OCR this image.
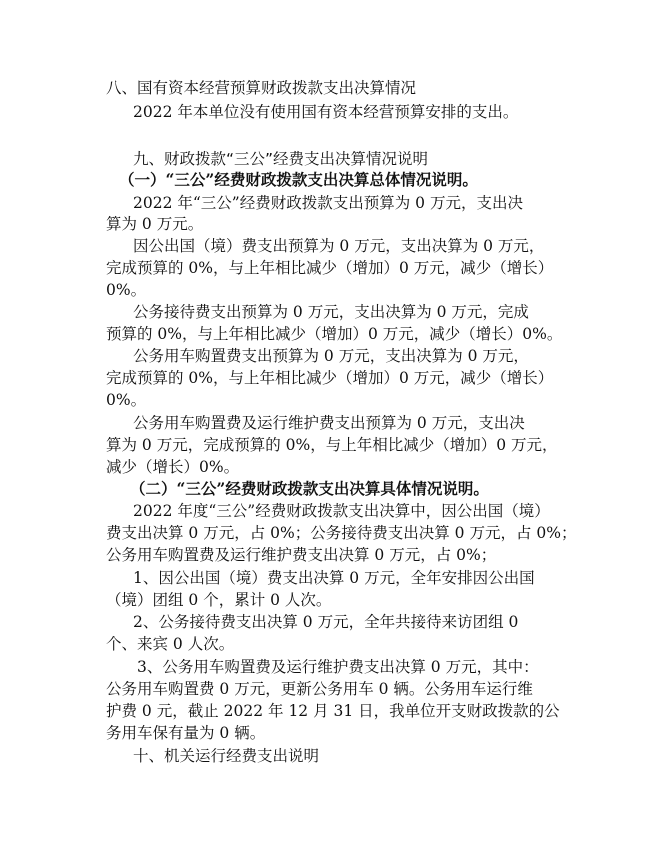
八、国有资本经营预算财政拨款支出决算情况
2022 年本单位没有使用国有资本经营预算安排的支出。
九、财政拨款“三公”经费支出决算情况说明
（一）“三公”经费财政拨款支出决算总体情况说明。
2022 年“三公”经费财政拨款支出预算为 0 万元，支出决
算为 0 万元。
因公出国（境）费支出预算为 0 万元，支出决算为 0 万元，
完成预算的 0%，与上年相比减少（增加）0 万元，减少（增长）
0%。
公务接待费支出预算为 0 万元，支出决算为 0 万元，完成
预算的 0%，与上年相比减少（增加）0 万元，减少（增长）0%。
公务用车购置费支出预算为 0 万元，支出决算为 0 万元，
完成预算的 0%，与上年相比减少（增加）0 万元，减少（增长）
0%。
公务用车购置费及运行维护费支出预算为 0 万元，支出决
算为 0 万元，完成预算的 0%，与上年相比减少（增加）0 万元，
减少（增长）0%。
（二）“三公”经费财政拨款支出决算具体情况说明。
2022 年度“三公”经费财政拨款支出决算中，因公出国（境）
费支出决算 0 万元，占 0%；公务接待费支出决算 0 万元，占 0%；
公务用车购置费及运行维护费支出决算 0 万元，占 0%；
1、因公出国（境）费支出决算 0 万元，全年安排因公出国
（境）团组 0 个，累计 0 人次。
2、公务接待费支出决算 0 万元，全年共接待来访团组 0
个、来宾 0 人次。
3、公务用车购置费及运行维护费支出决算 0 万元，其中：
公务用车购置费 0 万元，更新公务用车 0 辆。公务用车运行维
护费 0 元，截止 2022 年 12 月 31 日，我单位开支财政拨款的公
务用车保有量为 0 辆。
十、机关运行经费支出说明
